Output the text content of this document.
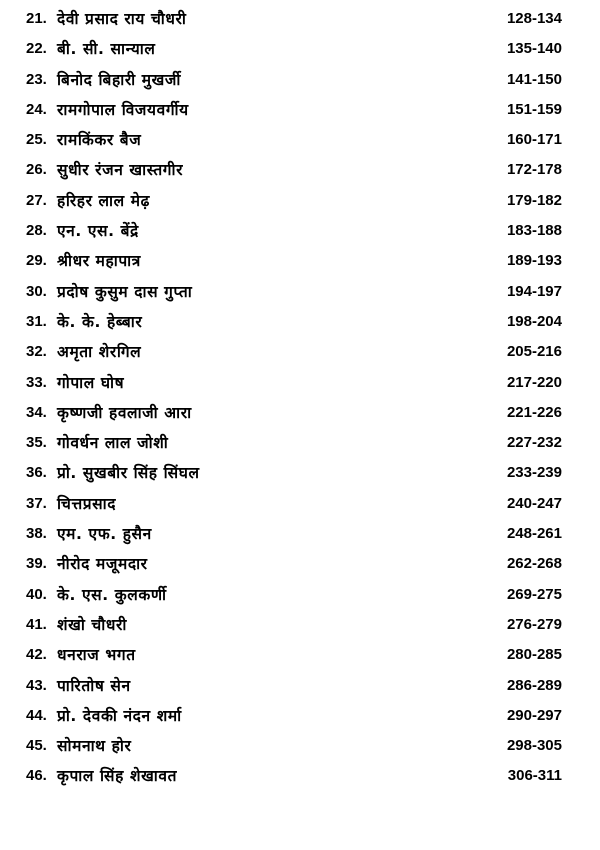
21. देवी प्रसाद राय चौधरी	128-134
22. बी. सी. सान्याल	135-140
23. बिनोद बिहारी मुखर्जी	141-150
24. रामगोपाल विजयवर्गीय	151-159
25. रामकिंकर बैज	160-171
26. सुधीर रंजन खास्तगीर	172-178
27. हरिहर लाल मेढ़	179-182
28. एन. एस. बेंद्रे	183-188
29. श्रीधर महापात्र	189-193
30. प्रदोष कुसुम दास गुप्ता	194-197
31. के. के. हेब्बार	198-204
32. अमृता शेरगिल	205-216
33. गोपाल घोष	217-220
34. कृष्णजी हवलाजी आरा	221-226
35. गोवर्धन लाल जोशी	227-232
36. प्रो. सुखबीर सिंह सिंघल	233-239
37. चित्तप्रसाद	240-247
38. एम. एफ. हुसैन	248-261
39. नीरोद मजूमदार	262-268
40. के. एस. कुलकर्णी	269-275
41. शंखो चौधरी	276-279
42. धनराज भगत	280-285
43. पारितोष सेन	286-289
44. प्रो. देवकी नंदन शर्मा	290-297
45. सोमनाथ होर	298-305
46. कृपाल सिंह शेखावत	306-311
